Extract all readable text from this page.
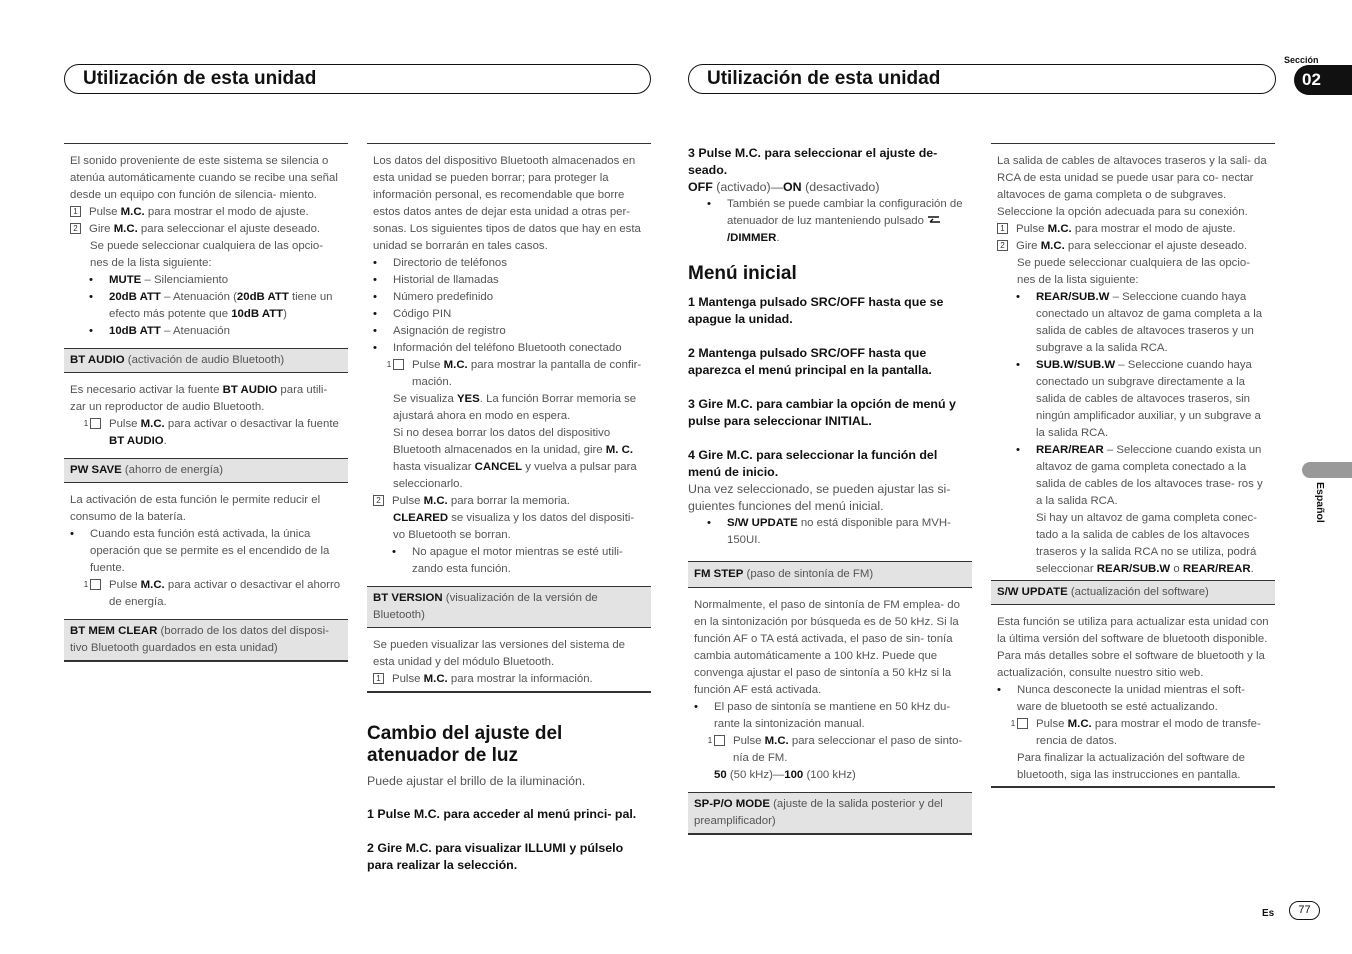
Utilización de esta unidad	Utilización de esta unidad
Sección
02
Español

El sonido proveniente de este sistema se silencia o atenúa automáticamente cuando se recibe una señal desde un equipo con función de silencia- miento.

1 Pulse M.C. para mostrar el modo de ajuste.

2 Gire M.C. para seleccionar el ajuste deseado.

Se puede seleccionar cualquiera de las opcio- nes de la lista siguiente:

• MUTE – Silenciamiento

• 20dB ATT – Atenuación (20dB ATT tiene un efecto más potente que 10dB ATT)

• 10dB ATT – Atenuación

BT AUDIO (activación de audio Bluetooth)

Es necesario activar la fuente BT AUDIO para utili- zar un reproductor de audio Bluetooth.

1 Pulse M.C. para activar o desactivar la fuente BT AUDIO.

PW SAVE (ahorro de energía)

La activación de esta función le permite reducir el consumo de la batería.

• Cuando esta función está activada, la única operación que se permite es el encendido de la fuente.

1 Pulse M.C. para activar o desactivar el ahorro de energía.

BT MEM CLEAR (borrado de los datos del disposi- tivo Bluetooth guardados en esta unidad)

Los datos del dispositivo Bluetooth almacenados en esta unidad se pueden borrar; para proteger la información personal, es recomendable que borre estos datos antes de dejar esta unidad a otras per- sonas. Los siguientes tipos de datos que hay en esta unidad se borrarán en tales casos.

• Directorio de teléfonos

• Historial de llamadas

• Número predefinido

• Código PIN

• Asignación de registro

• Información del teléfono Bluetooth conectado

1 Pulse M.C. para mostrar la pantalla de confir- mación.

Se visualiza YES. La función Borrar memoria se ajustará ahora en modo en espera.

Si no desea borrar los datos del dispositivo Bluetooth almacenados en la unidad, gire M. C. hasta visualizar CANCEL y vuelva a pulsar para seleccionarlo.

2 Pulse M.C. para borrar la memoria.

CLEARED se visualiza y los datos del dispositi- vo Bluetooth se borran.

• No apague el motor mientras se esté utili- zando esta función.

BT VERSION (visualización de la versión de Bluetooth)

Se pueden visualizar las versiones del sistema de esta unidad y del módulo Bluetooth.

1 Pulse M.C. para mostrar la información.

Cambio del ajuste del atenuador de luz

Puede ajustar el brillo de la iluminación.

1 Pulse M.C. para acceder al menú princi- pal.

2 Gire M.C. para visualizar ILLUMI y púlselo para realizar la selección.

3 Pulse M.C. para seleccionar el ajuste de- seado.

OFF (activado)—ON (desactivado)

• También se puede cambiar la configuración de atenuador de luz manteniendo pulsado /DIMMER.

Menú inicial

1 Mantenga pulsado SRC/OFF hasta que se apague la unidad.

2 Mantenga pulsado SRC/OFF hasta que aparezca el menú principal en la pantalla.

3 Gire M.C. para cambiar la opción de menú y pulse para seleccionar INITIAL.

4 Gire M.C. para seleccionar la función del menú de inicio.

Una vez seleccionado, se pueden ajustar las si- guientes funciones del menú inicial.

• S/W UPDATE no está disponible para MVH- 150UI.

FM STEP (paso de sintonía de FM)

Normalmente, el paso de sintonía de FM emplea- do en la sintonización por búsqueda es de 50 kHz. Si la función AF o TA está activada, el paso de sin- tonía cambia automáticamente a 100 kHz. Puede que convenga ajustar el paso de sintonía a 50 kHz si la función AF está activada.

• El paso de sintonía se mantiene en 50 kHz du- rante la sintonización manual.

1 Pulse M.C. para seleccionar el paso de sinto- nía de FM.

50 (50 kHz)—100 (100 kHz)

SP-P/O MODE (ajuste de la salida posterior y del preamplificador)

La salida de cables de altavoces traseros y la sali- da RCA de esta unidad se puede usar para co- nectar altavoces de gama completa o de subgraves. Seleccione la opción adecuada para su conexión.

1 Pulse M.C. para mostrar el modo de ajuste.

2 Gire M.C. para seleccionar el ajuste deseado.

Se puede seleccionar cualquiera de las opcio- nes de la lista siguiente:

• REAR/SUB.W – Seleccione cuando haya conectado un altavoz de gama completa a la salida de cables de altavoces traseros y un subgrave a la salida RCA.

• SUB.W/SUB.W – Seleccione cuando haya conectado un subgrave directamente a la salida de cables de altavoces traseros, sin ningún amplificador auxiliar, y un subgrave a la salida RCA.

• REAR/REAR – Seleccione cuando exista un altavoz de gama completa conectado a la salida de cables de los altavoces trase- ros y a la salida RCA.

Si hay un altavoz de gama completa conec- tado a la salida de cables de los altavoces traseros y la salida RCA no se utiliza, podrá seleccionar REAR/SUB.W o REAR/REAR.

S/W UPDATE (actualización del software)

Esta función se utiliza para actualizar esta unidad con la última versión del software de bluetooth disponible. Para más detalles sobre el software de bluetooth y la actualización, consulte nuestro sitio web.

• Nunca desconecte la unidad mientras el soft- ware de bluetooth se esté actualizando.

1 Pulse M.C. para mostrar el modo de transfe- rencia de datos.

Para finalizar la actualización del software de bluetooth, siga las instrucciones en pantalla.

Es	77
